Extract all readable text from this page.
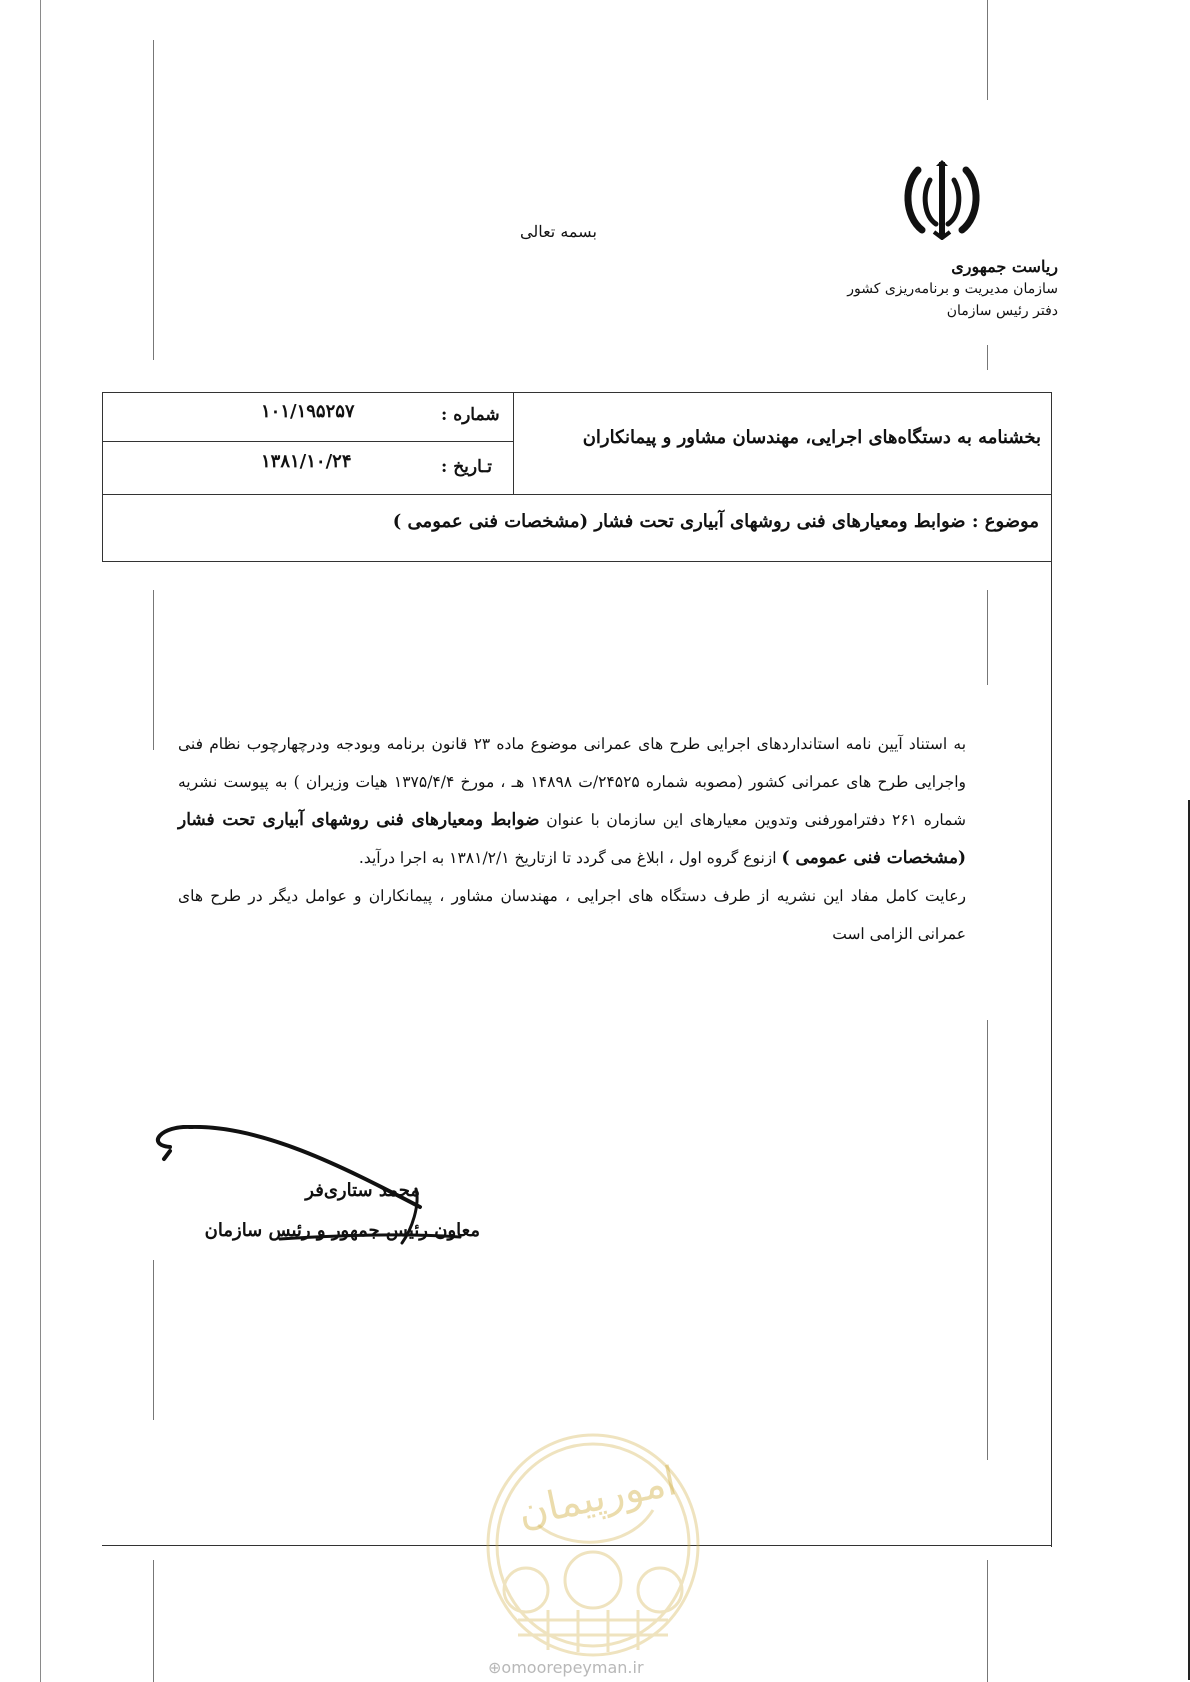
بسمه تعالی
ریاست جمهوری
سازمان مدیریت و برنامه‌ریزی کشور
دفتر رئیس سازمان
بخشنامه به دستگاه‌های اجرایی، مهندسان مشاور و پیمانکاران
شماره :
۱۰۱/۱۹۵۲۵۷
تـاریخ :
۱۳۸۱/۱۰/۲۴
موضوع : ضوابط ومعیارهای فنی روشهای آبیاری تحت فشار (مشخصات فنی عمومی )

به استناد آیین نامه استانداردهای اجرایی طرح های عمرانی موضوع ماده ۲۳ قانون برنامه وبودجه ودرچهارچوب نظام فنی واجرایی طرح های عمرانی کشور (مصوبه شماره ۲۴۵۲۵/ت ۱۴۸۹۸ هـ ، مورخ ۱۳۷۵/۴/۴ هیات وزیران ) به پیوست نشریه شماره ۲۶۱ دفترامورفنی وتدوین معیارهای این سازمان با عنوان ضوابط ومعیارهای فنی روشهای آبیاری تحت فشار (مشخصات فنی عمومی ) ازنوع گروه اول ، ابلاغ می گردد تا ازتاریخ ۱۳۸۱/۲/۱ به اجرا درآید.

رعایت کامل مفاد این نشریه از طرف دستگاه های اجرایی ، مهندسان مشاور ، پیمانکاران و عوامل دیگر در طرح های عمرانی الزامی است

محمد ستاری‌فر
معاون رئیس جمهور و رئیس سازمان
امورپیمان
⊕omoorepeyman.ir
